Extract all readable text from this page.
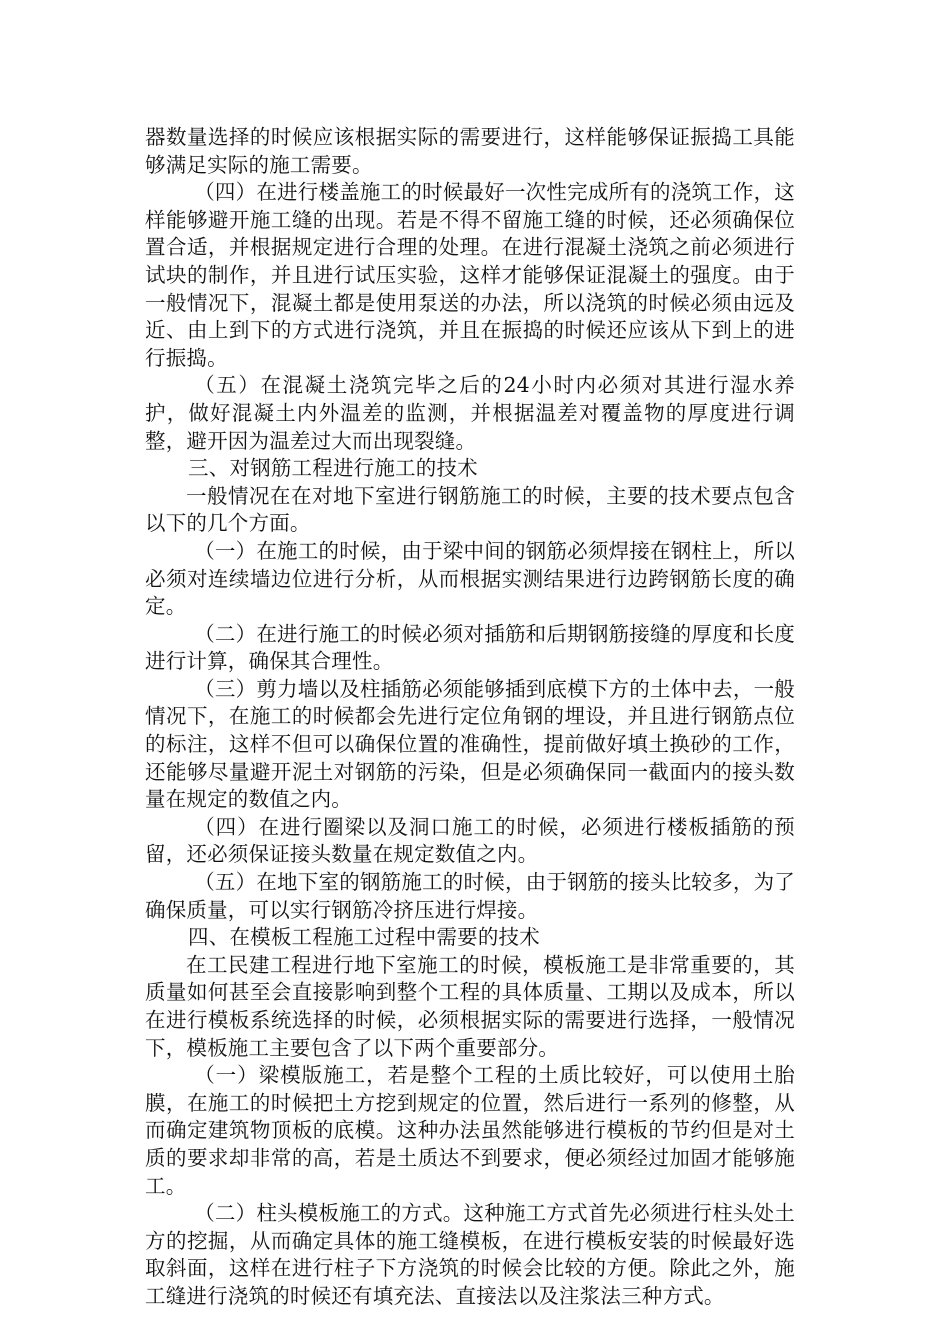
器数量选择的时候应该根据实际的需要进行，这样能够保证振捣工具能够满足实际的施工需要。

（四）在进行楼盖施工的时候最好一次性完成所有的浇筑工作，这样能够避开施工缝的出现。若是不得不留施工缝的时候，还必须确保位置合适，并根据规定进行合理的处理。在进行混凝土浇筑之前必须进行试块的制作，并且进行试压实验，这样才能够保证混凝土的强度。由于一般情况下，混凝土都是使用泵送的办法，所以浇筑的时候必须由远及近、由上到下的方式进行浇筑，并且在振捣的时候还应该从下到上的进行振捣。

（五）在混凝土浇筑完毕之后的24小时内必须对其进行湿水养护，做好混凝土内外温差的监测，并根据温差对覆盖物的厚度进行调整，避开因为温差过大而出现裂缝。

三、对钢筋工程进行施工的技术

一般情况在在对地下室进行钢筋施工的时候，主要的技术要点包含以下的几个方面。

（一）在施工的时候，由于梁中间的钢筋必须焊接在钢柱上，所以必须对连续墙边位进行分析，从而根据实测结果进行边跨钢筋长度的确定。

（二）在进行施工的时候必须对插筋和后期钢筋接缝的厚度和长度进行计算，确保其合理性。

（三）剪力墙以及柱插筋必须能够插到底模下方的土体中去，一般情况下，在施工的时候都会先进行定位角钢的埋设，并且进行钢筋点位的标注，这样不但可以确保位置的准确性，提前做好填土换砂的工作，还能够尽量避开泥土对钢筋的污染，但是必须确保同一截面内的接头数量在规定的数值之内。

（四）在进行圈梁以及洞口施工的时候，必须进行楼板插筋的预留，还必须保证接头数量在规定数值之内。

（五）在地下室的钢筋施工的时候，由于钢筋的接头比较多，为了确保质量，可以实行钢筋冷挤压进行焊接。

四、在模板工程施工过程中需要的技术

在工民建工程进行地下室施工的时候，模板施工是非常重要的，其质量如何甚至会直接影响到整个工程的具体质量、工期以及成本，所以在进行模板系统选择的时候，必须根据实际的需要进行选择，一般情况下，模板施工主要包含了以下两个重要部分。

（一）梁模版施工，若是整个工程的土质比较好，可以使用土胎膜，在施工的时候把土方挖到规定的位置，然后进行一系列的修整，从而确定建筑物顶板的底模。这种办法虽然能够进行模板的节约但是对土质的要求却非常的高，若是土质达不到要求，便必须经过加固才能够施工。

（二）柱头模板施工的方式。这种施工方式首先必须进行柱头处土方的挖掘，从而确定具体的施工缝模板，在进行模板安装的时候最好选取斜面，这样在进行柱子下方浇筑的时候会比较的方便。除此之外，施工缝进行浇筑的时候还有填充法、直接法以及注浆法三种方式。
